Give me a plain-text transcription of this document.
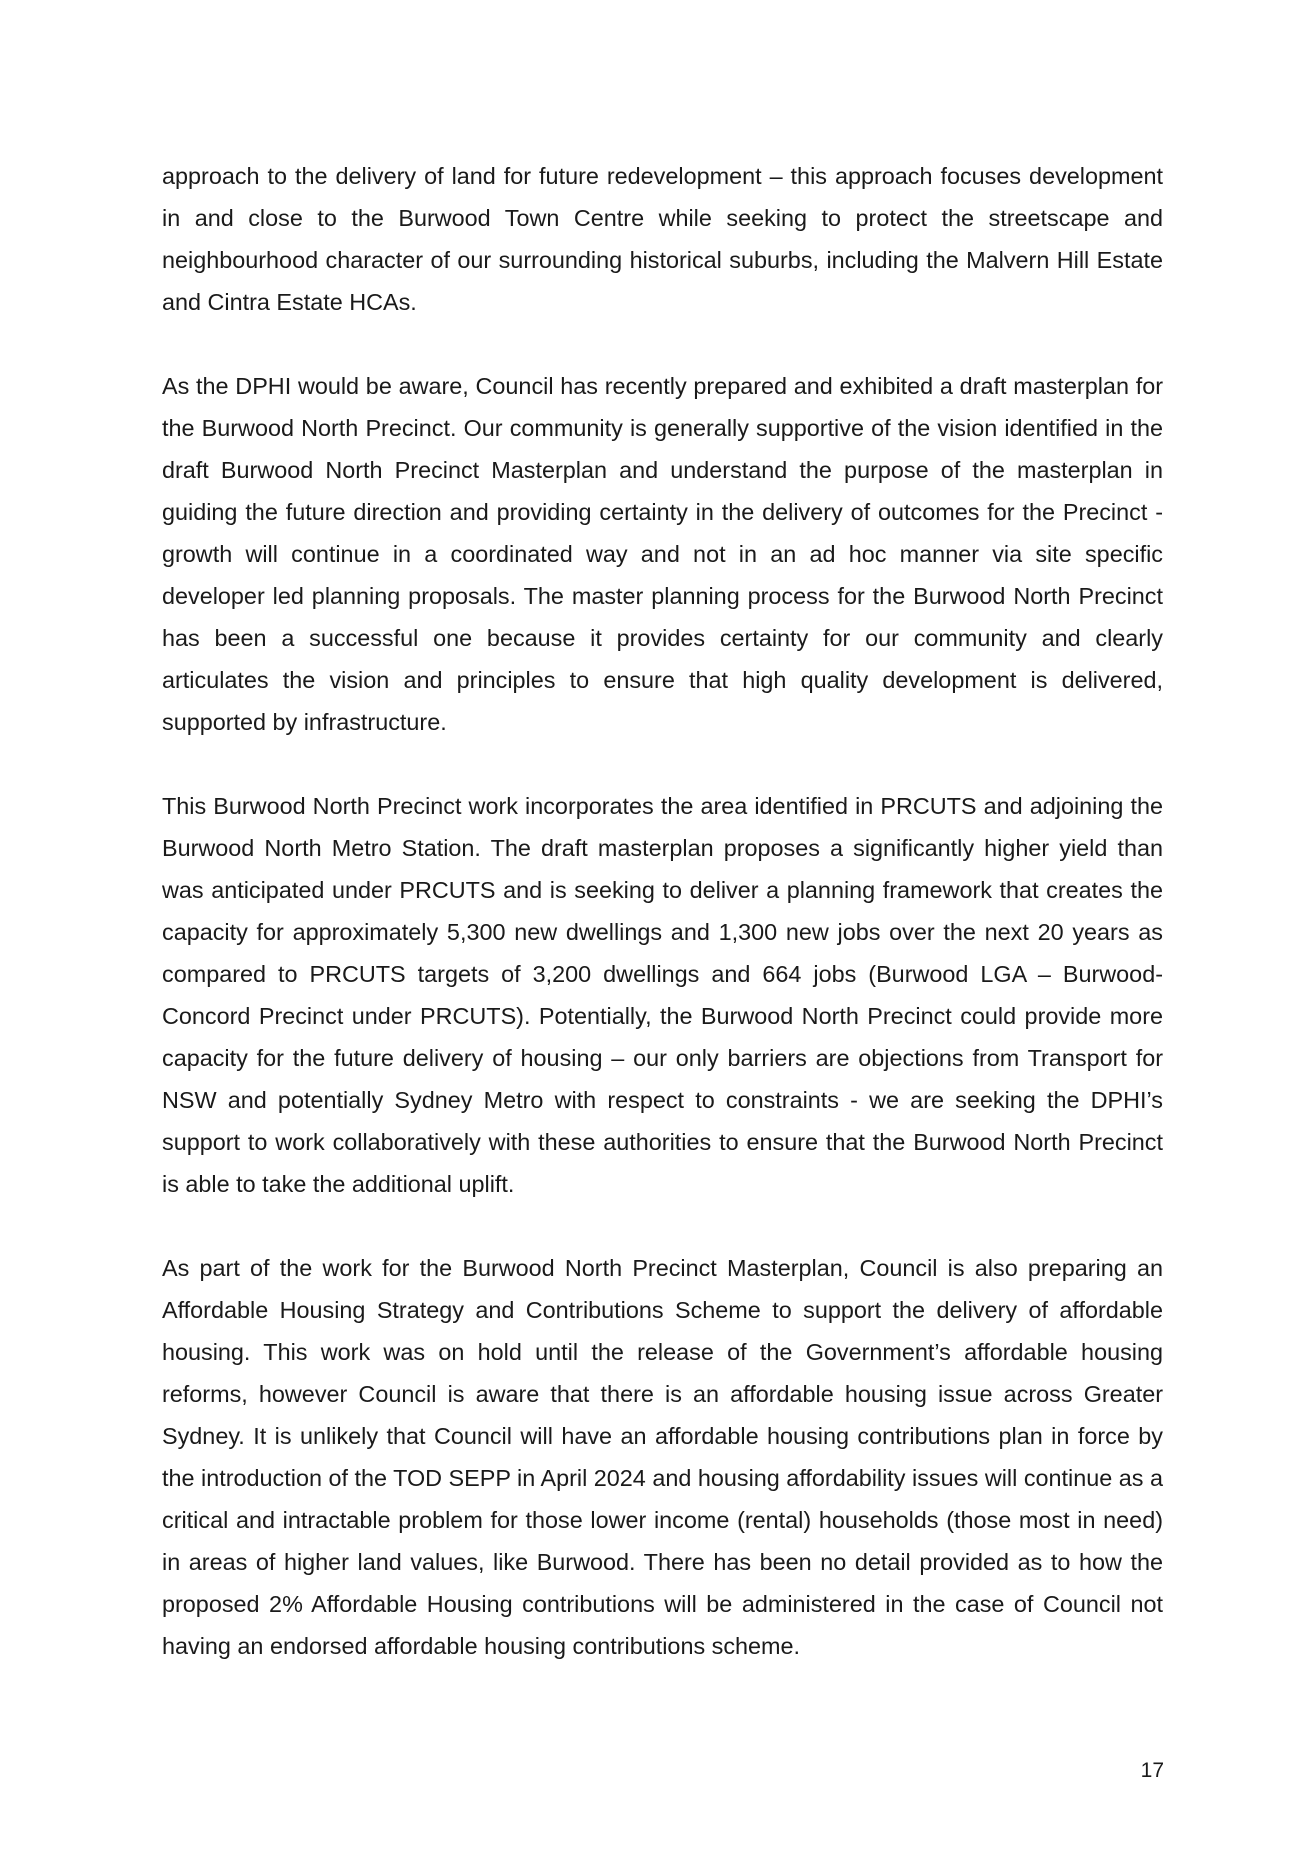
approach to the delivery of land for future redevelopment – this approach focuses development in and close to the Burwood Town Centre while seeking to protect the streetscape and neighbourhood character of our surrounding historical suburbs, including the Malvern Hill Estate and Cintra Estate HCAs.

As the DPHI would be aware, Council has recently prepared and exhibited a draft masterplan for the Burwood North Precinct. Our community is generally supportive of the vision identified in the draft Burwood North Precinct Masterplan and understand the purpose of the masterplan in guiding the future direction and providing certainty in the delivery of outcomes for the Precinct - growth will continue in a coordinated way and not in an ad hoc manner via site specific developer led planning proposals. The master planning process for the Burwood North Precinct has been a successful one because it provides certainty for our community and clearly articulates the vision and principles to ensure that high quality development is delivered, supported by infrastructure.

This Burwood North Precinct work incorporates the area identified in PRCUTS and adjoining the Burwood North Metro Station. The draft masterplan proposes a significantly higher yield than was anticipated under PRCUTS and is seeking to deliver a planning framework that creates the capacity for approximately 5,300 new dwellings and 1,300 new jobs over the next 20 years as compared to PRCUTS targets of 3,200 dwellings and 664 jobs (Burwood LGA – Burwood-Concord Precinct under PRCUTS). Potentially, the Burwood North Precinct could provide more capacity for the future delivery of housing – our only barriers are objections from Transport for NSW and potentially Sydney Metro with respect to constraints - we are seeking the DPHI’s support to work collaboratively with these authorities to ensure that the Burwood North Precinct is able to take the additional uplift.

As part of the work for the Burwood North Precinct Masterplan, Council is also preparing an Affordable Housing Strategy and Contributions Scheme to support the delivery of affordable housing. This work was on hold until the release of the Government’s affordable housing reforms, however Council is aware that there is an affordable housing issue across Greater Sydney. It is unlikely that Council will have an affordable housing contributions plan in force by the introduction of the TOD SEPP in April 2024 and housing affordability issues will continue as a critical and intractable problem for those lower income (rental) households (those most in need) in areas of higher land values, like Burwood. There has been no detail provided as to how the proposed 2% Affordable Housing contributions will be administered in the case of Council not having an endorsed affordable housing contributions scheme.

17
